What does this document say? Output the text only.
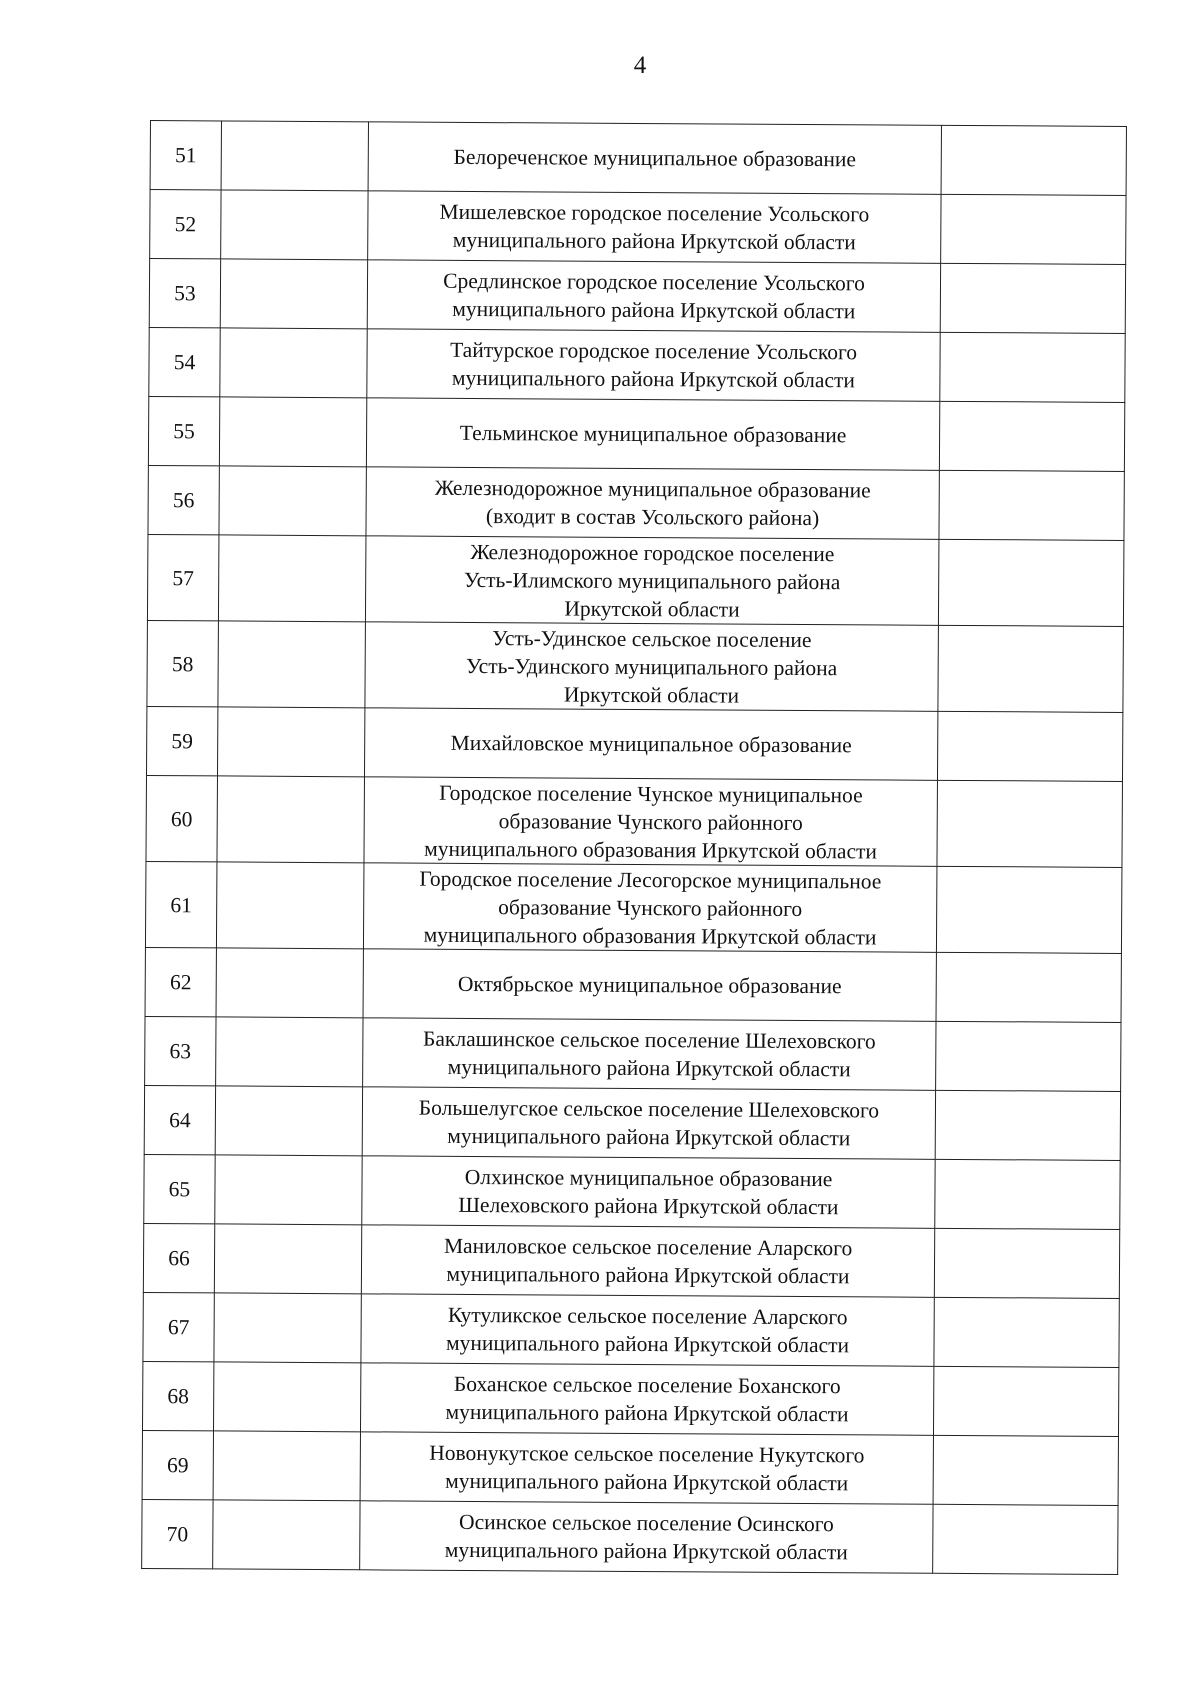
4
51		Белореченское муниципальное образование	

52		Мишелевское городское поселение Усольского
муниципального района Иркутской области	

53		Средлинское городское поселение Усольского
муниципального района Иркутской области	

54		Тайтурское городское поселение Усольского
муниципального района Иркутской области	

55		Тельминское муниципальное образование	

56		Железнодорожное муниципальное образование
(входит в состав Усольского района)	

57		Железнодорожное городское поселение
Усть-Илимского муниципального района
Иркутской области	

58		Усть-Удинское сельское поселение
Усть-Удинского муниципального района
Иркутской области	

59		Михайловское муниципальное образование	

60		Городское поселение Чунское муниципальное
образование Чунского районного
муниципального образования Иркутской области	

61		Городское поселение Лесогорское муниципальное
образование Чунского районного
муниципального образования Иркутской области	

62		Октябрьское муниципальное образование	

63		Баклашинское сельское поселение Шелеховского
муниципального района Иркутской области	

64		Большелугское сельское поселение Шелеховского
муниципального района Иркутской области	

65		Олхинское муниципальное образование
Шелеховского района Иркутской области	

66		Маниловское сельское поселение Аларского
муниципального района Иркутской области	

67		Кутуликское сельское поселение Аларского
муниципального района Иркутской области	

68		Боханское сельское поселение Боханского
муниципального района Иркутской области	

69		Новонукутское сельское поселение Нукутского
муниципального района Иркутской области	

70		Осинское сельское поселение Осинского
муниципального района Иркутской области	
